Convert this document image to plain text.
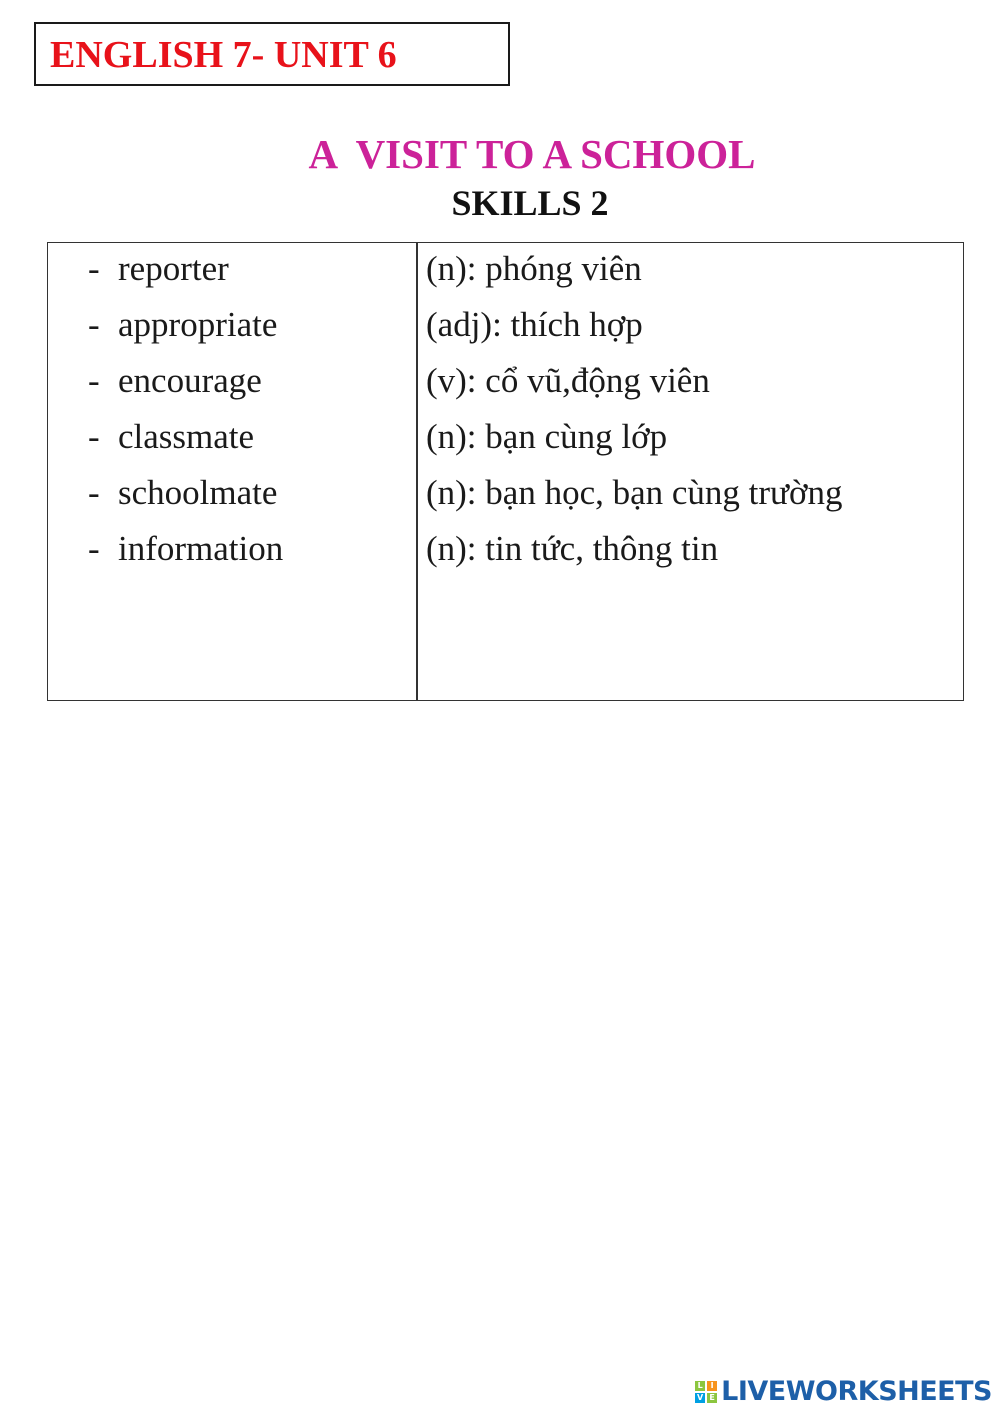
ENGLISH 7- UNIT 6
A  VISIT TO A SCHOOL
SKILLS 2
- reporter
- appropriate
- encourage
- classmate
- schoolmate
- information
(n): phóng viên
(adj): thích hợp
(v): cổ vũ,động viên
(n): bạn cùng lớp
(n): bạn học, bạn cùng trường
(n): tin tức, thông tin
L I
V E LIVEWORKSHEETS
